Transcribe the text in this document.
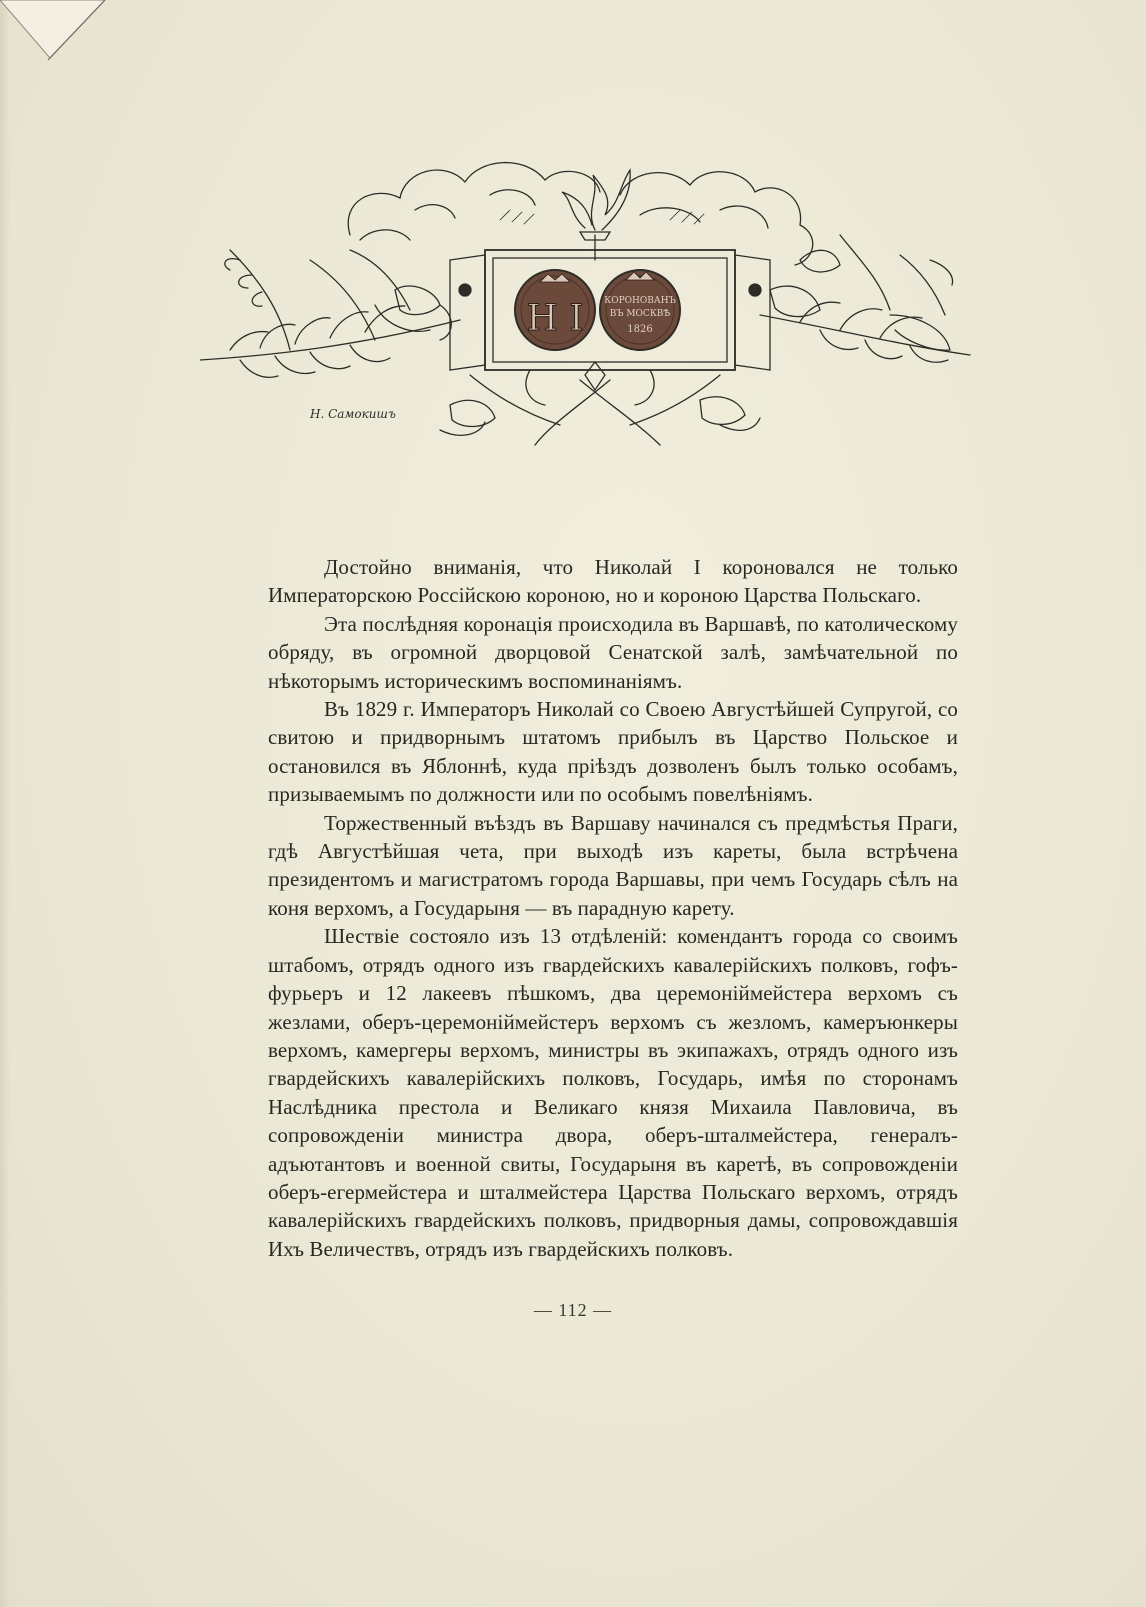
Н I КОРОНОВАНЪ
ВЪ МОСКВѢ
1826
Н. Самокишъ

Достойно вниманія, что Николай I короновался не только Императорскою Россійскою короною, но и короною Царства Польскаго.

Эта послѣдняя коронація происходила въ Варшавѣ, по католическому обряду, въ огромной дворцовой Сенатской залѣ, замѣчательной по нѣкоторымъ историческимъ воспоминаніямъ.

Въ 1829 г. Императоръ Николай со Своею Августѣйшей Супругой, со свитою и придворнымъ штатомъ прибылъ въ Царство Польское и остановился въ Яблоннѣ, куда пріѣздъ дозволенъ былъ только особамъ, призываемымъ по должности или по особымъ повелѣніямъ.

Торжественный въѣздъ въ Варшаву начинался съ предмѣстья Праги, гдѣ Августѣйшая чета, при выходѣ изъ кареты, была встрѣчена президентомъ и магистратомъ города Варшавы, при чемъ Государь сѣлъ на коня верхомъ, а Государыня — въ парадную карету.

Шествіе состояло изъ 13 отдѣленій: комендантъ города со своимъ штабомъ, отрядъ одного изъ гвардейскихъ кавалерійскихъ полковъ, гофъ-фурьеръ и 12 лакеевъ пѣшкомъ, два церемоніймейстера верхомъ съ жезлами, оберъ-церемоніймейстеръ верхомъ съ жезломъ, камеръюнкеры верхомъ, камергеры верхомъ, министры въ экипажахъ, отрядъ одного изъ гвардейскихъ кавалерійскихъ полковъ, Государь, имѣя по сторонамъ Наслѣдника престола и Великаго князя Михаила Павловича, въ сопровожденіи министра двора, оберъ-шталмейстера, генералъ-адъютантовъ и военной свиты, Государыня въ каретѣ, въ сопровожденіи оберъ-егермейстера и шталмейстера Царства Польскаго верхомъ, отрядъ кавалерійскихъ гвардейскихъ полковъ, придворныя дамы, сопровождавшія Ихъ Величествъ, отрядъ изъ гвардейскихъ полковъ.

— 112 —
